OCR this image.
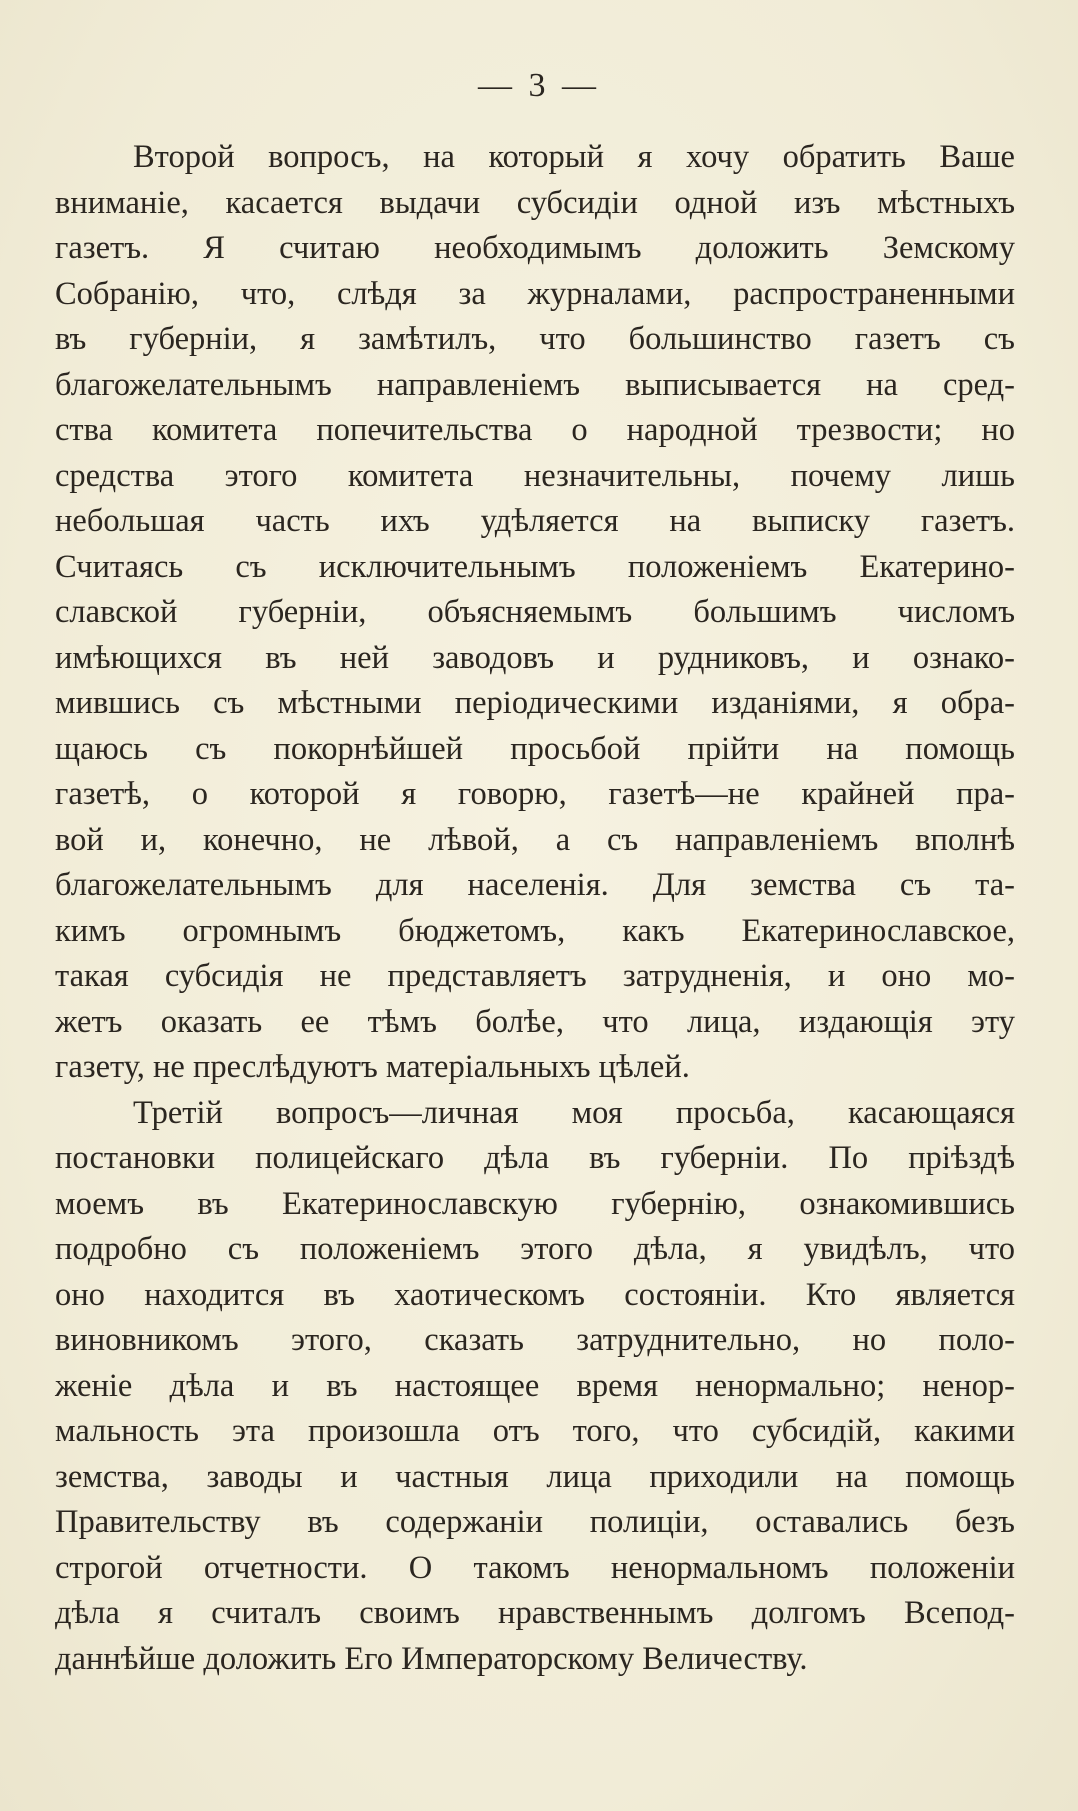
— 3 —
Второй вопросъ, на который я хочу обратить Ваше
вниманіе, касается выдачи субсидіи одной изъ мѣстныхъ
газетъ. Я считаю необходимымъ доложить Земскому
Собранію, что, слѣдя за журналами, распространенными
въ губерніи, я замѣтилъ, что большинство газетъ съ
благожелательнымъ направленіемъ выписывается на сред-
ства комитета попечительства о народной трезвости; но
средства этого комитета незначительны, почему лишь
небольшая часть ихъ удѣляется на выписку газетъ.
Считаясь съ исключительнымъ положеніемъ Екатерино-
славской губерніи, объясняемымъ большимъ числомъ
имѣющихся въ ней заводовъ и рудниковъ, и ознако-
мившись съ мѣстными періодическими изданіями, я обра-
щаюсь съ покорнѣйшей просьбой прійти на помощь
газетѣ, о которой я говорю, газетѣ—не крайней пра-
вой и, конечно, не лѣвой, а съ направленіемъ вполнѣ
благожелательнымъ для населенія. Для земства съ та-
кимъ огромнымъ бюджетомъ, какъ Екатеринославское,
такая субсидія не представляетъ затрудненія, и оно мо-
жетъ оказать ее тѣмъ болѣе, что лица, издающія эту
газету, не преслѣдуютъ матеріальныхъ цѣлей.
Третій вопросъ—личная моя просьба, касающаяся
постановки полицейскаго дѣла въ губерніи. По пріѣздѣ
моемъ въ Екатеринославскую губернію, ознакомившись
подробно съ положеніемъ этого дѣла, я увидѣлъ, что
оно находится въ хаотическомъ состояніи. Кто является
виновникомъ этого, сказать затруднительно, но поло-
женіе дѣла и въ настоящее время ненормально; ненор-
мальность эта произошла отъ того, что субсидій, какими
земства, заводы и частныя лица приходили на помощь
Правительству въ содержаніи полиціи, оставались безъ
строгой отчетности. О такомъ ненормальномъ положеніи
дѣла я считалъ своимъ нравственнымъ долгомъ Всепод-
даннѣйше доложить Его Императорскому Величеству.
